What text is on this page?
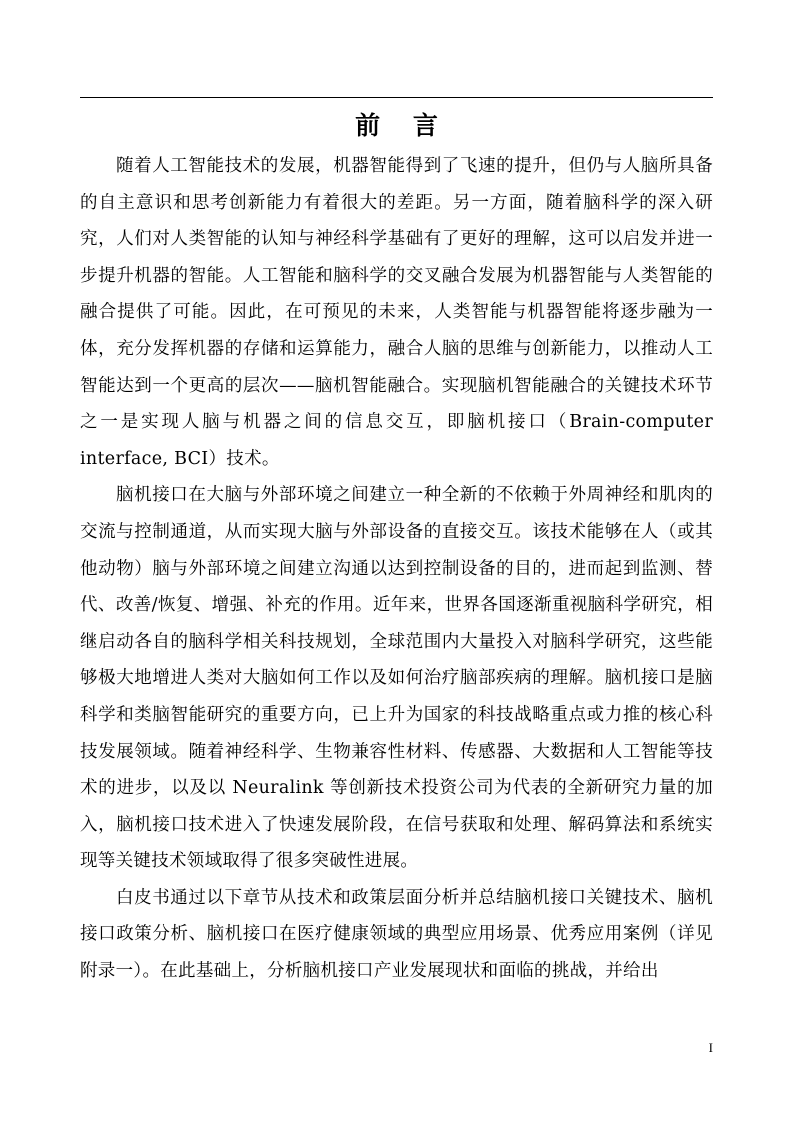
前 言

随着人工智能技术的发展，机器智能得到了飞速的提升，但仍与人脑所具备的自主意识和思考创新能力有着很大的差距。另一方面，随着脑科学的深入研究，人们对人类智能的认知与神经科学基础有了更好的理解，这可以启发并进一步提升机器的智能。人工智能和脑科学的交叉融合发展为机器智能与人类智能的融合提供了可能。因此，在可预见的未来，人类智能与机器智能将逐步融为一体，充分发挥机器的存储和运算能力，融合人脑的思维与创新能力，以推动人工智能达到一个更高的层次——脑机智能融合。实现脑机智能融合的关键技术环节之一是实现人脑与机器之间的信息交互，即脑机接口（Brain-computer interface, BCI）技术。

脑机接口在大脑与外部环境之间建立一种全新的不依赖于外周神经和肌肉的交流与控制通道，从而实现大脑与外部设备的直接交互。该技术能够在人（或其他动物）脑与外部环境之间建立沟通以达到控制设备的目的，进而起到监测、替代、改善/恢复、增强、补充的作用。近年来，世界各国逐渐重视脑科学研究，相继启动各自的脑科学相关科技规划，全球范围内大量投入对脑科学研究，这些能够极大地增进人类对大脑如何工作以及如何治疗脑部疾病的理解。脑机接口是脑科学和类脑智能研究的重要方向，已上升为国家的科技战略重点或力推的核心科技发展领域。随着神经科学、生物兼容性材料、传感器、大数据和人工智能等技术的进步，以及以 Neuralink 等创新技术投资公司为代表的全新研究力量的加入，脑机接口技术进入了快速发展阶段，在信号获取和处理、解码算法和系统实现等关键技术领域取得了很多突破性进展。

白皮书通过以下章节从技术和政策层面分析并总结脑机接口关键技术、脑机接口政策分析、脑机接口在医疗健康领域的典型应用场景、优秀应用案例（详见附录一）。在此基础上，分析脑机接口产业发展现状和面临的挑战，并给出

I
